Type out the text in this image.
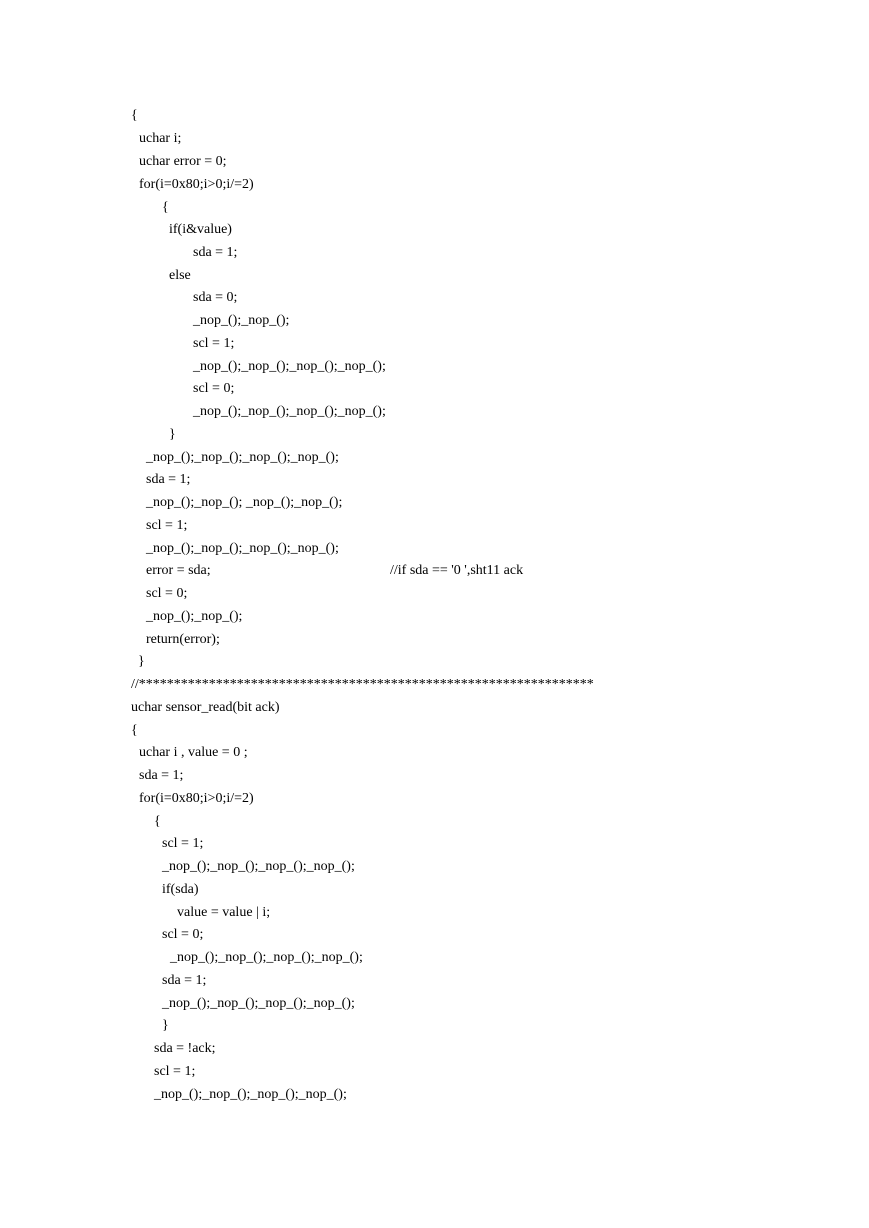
{
uchar i;
uchar error = 0;
for(i=0x80;i>0;i/=2)
{
if(i&value)
sda = 1;
else
sda = 0;
_nop_();_nop_();
scl = 1;
_nop_();_nop_();_nop_();_nop_();
scl = 0;
_nop_();_nop_();_nop_();_nop_();
}
_nop_();_nop_();_nop_();_nop_();
sda = 1;
_nop_();_nop_(); _nop_();_nop_();
scl = 1;
_nop_();_nop_();_nop_();_nop_();
error = sda;
scl = 0;
_nop_();_nop_();
return(error);
}
//*****************************************************************
uchar sensor_read(bit ack)
{
uchar i , value = 0 ;
sda = 1;
for(i=0x80;i>0;i/=2)
{
scl = 1;
_nop_();_nop_();_nop_();_nop_();
if(sda)
value = value | i;
scl = 0;
_nop_();_nop_();_nop_();_nop_();
sda = 1;
_nop_();_nop_();_nop_();_nop_();
}
sda = !ack;
scl = 1;
_nop_();_nop_();_nop_();_nop_();
//if sda == '0 ',sht11 ack
